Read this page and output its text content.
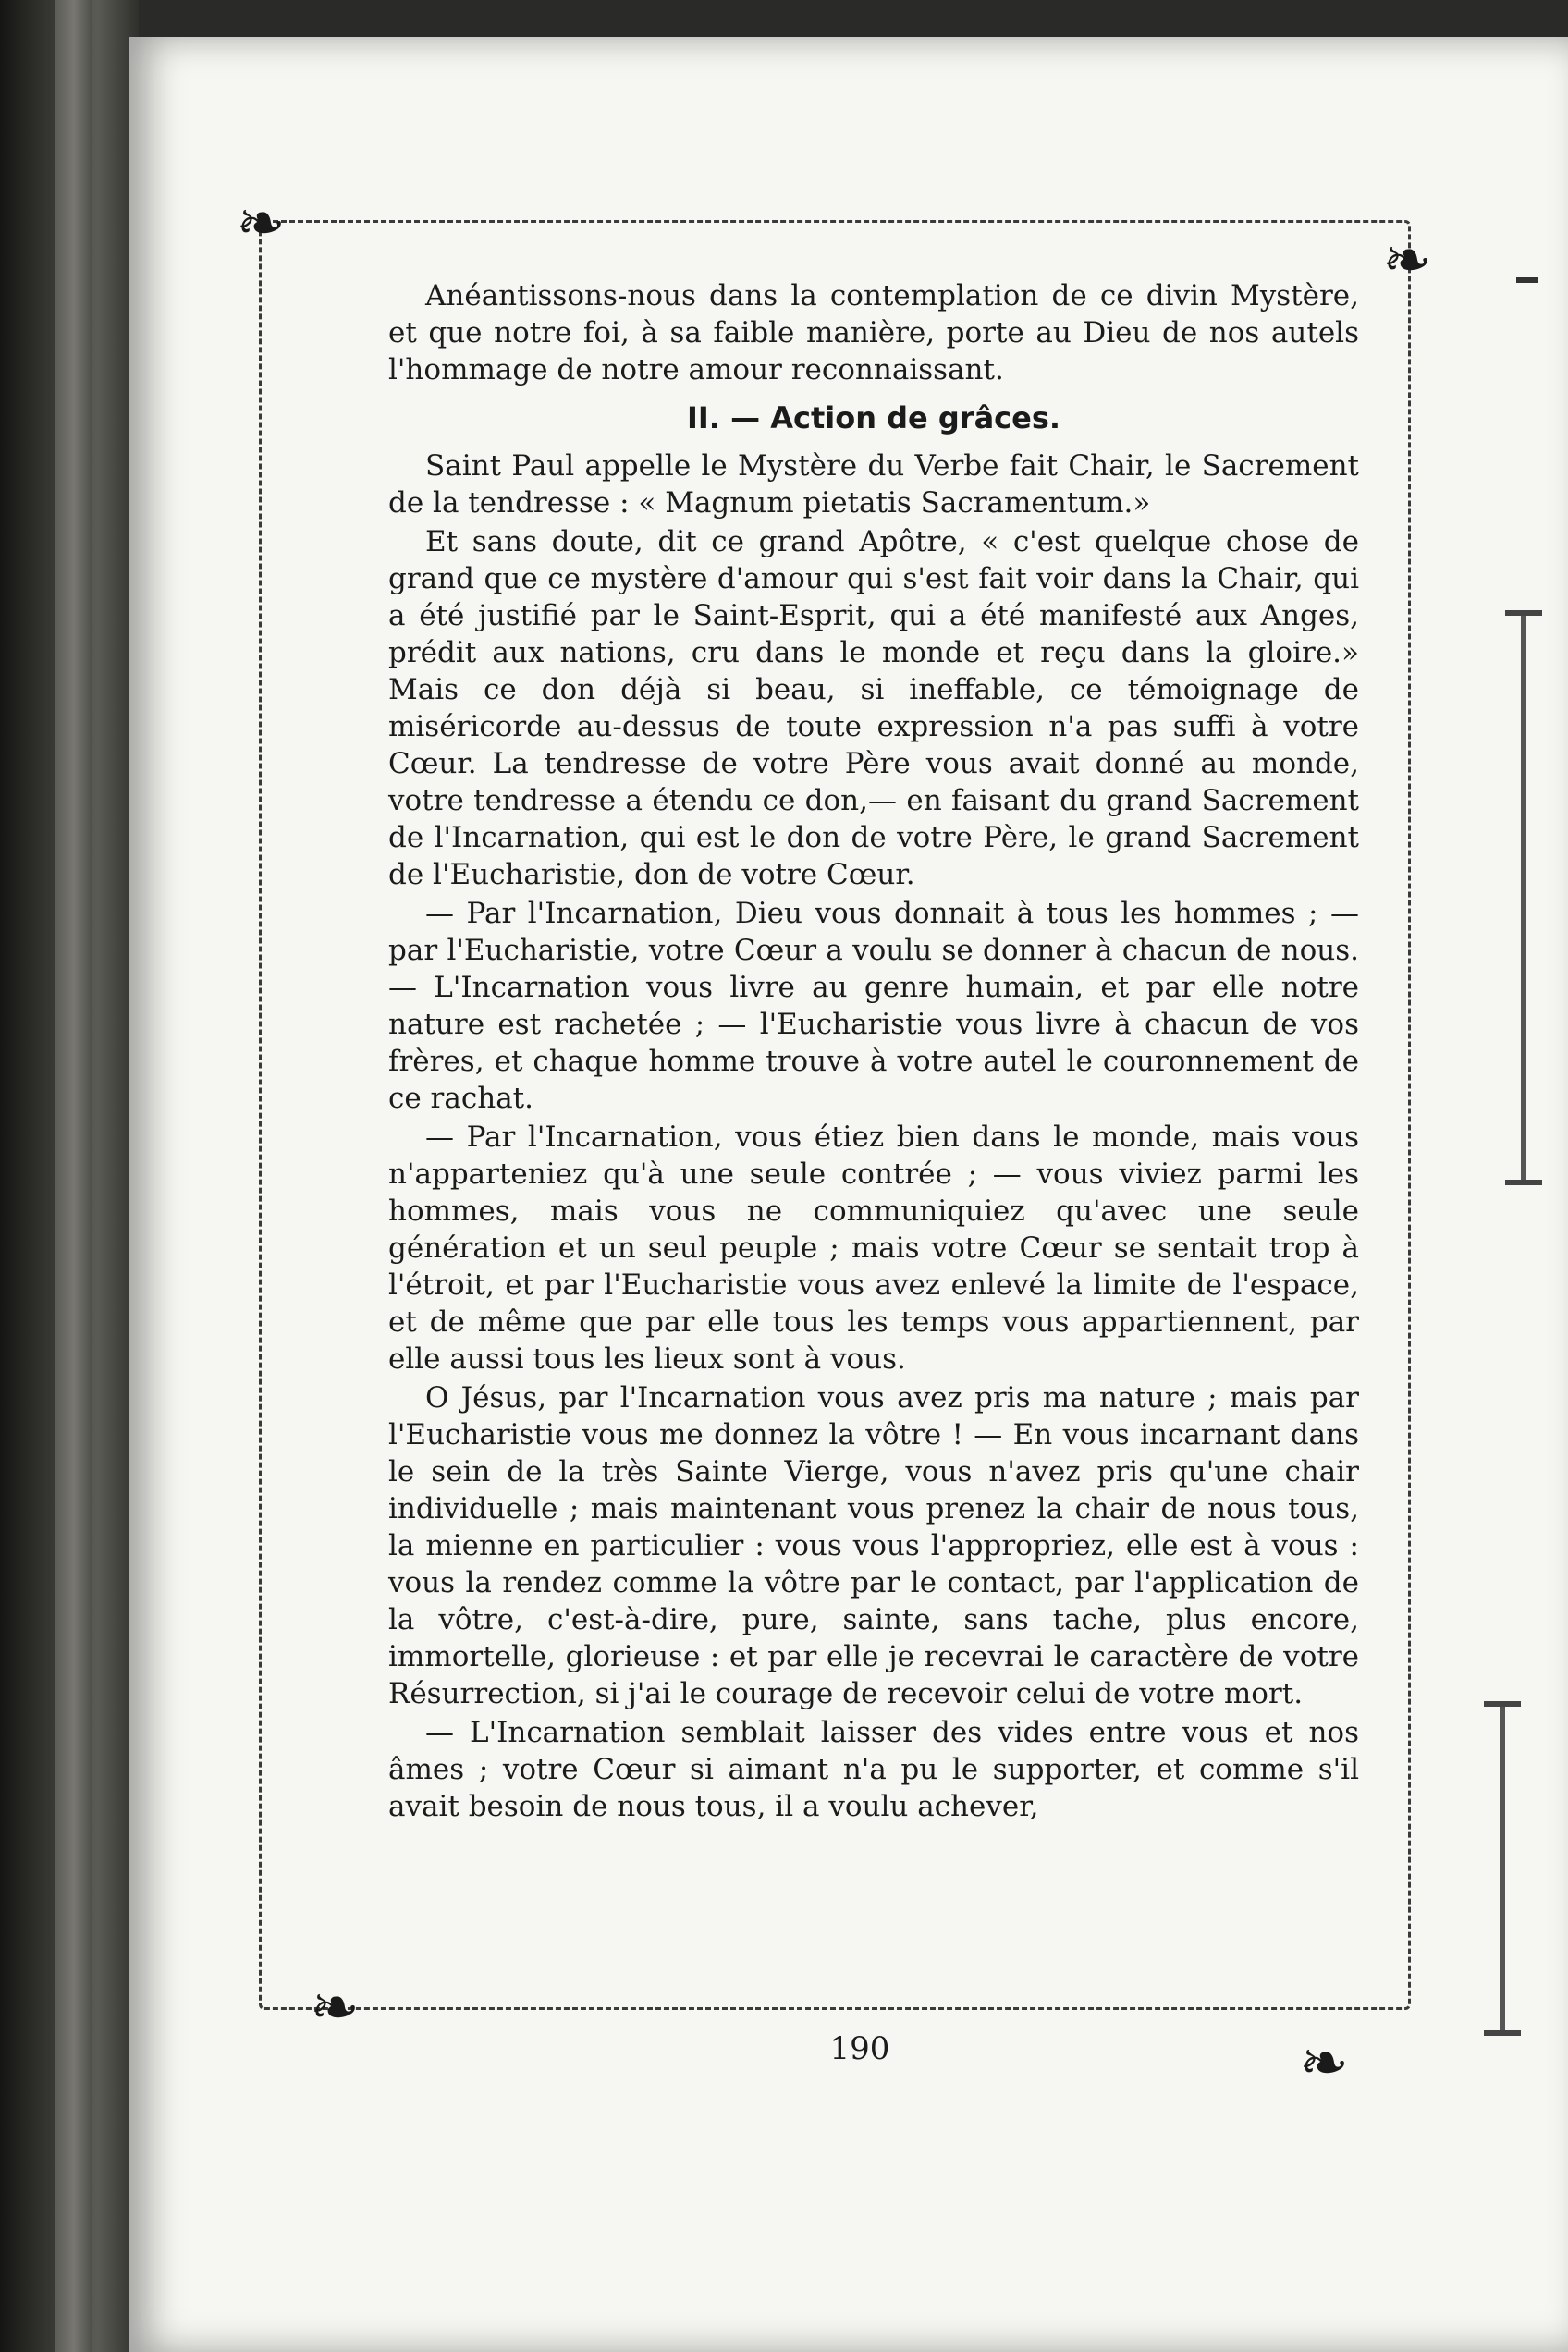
❧
❧
❧
❧

Anéantissons-nous dans la contemplation de ce divin Mystère, et que notre foi, à sa faible manière, porte au Dieu de nos autels l'hommage de notre amour reconnaissant.

II. — Action de grâces.

Saint Paul appelle le Mystère du Verbe fait Chair, le Sacrement de la tendresse : « Magnum pietatis Sacramentum.»

Et sans doute, dit ce grand Apôtre, « c'est quelque chose de grand que ce mystère d'amour qui s'est fait voir dans la Chair, qui a été justifié par le Saint-Esprit, qui a été manifesté aux Anges, prédit aux nations, cru dans le monde et reçu dans la gloire.» Mais ce don déjà si beau, si ineffable, ce témoignage de miséricorde au-dessus de toute expression n'a pas suffi à votre Cœur. La tendresse de votre Père vous avait donné au monde, votre tendresse a étendu ce don,— en faisant du grand Sacrement de l'Incarnation, qui est le don de votre Père, le grand Sacrement de l'Eucharistie, don de votre Cœur.

— Par l'Incarnation, Dieu vous donnait à tous les hommes ; — par l'Eucharistie, votre Cœur a voulu se donner à chacun de nous. — L'Incarnation vous livre au genre humain, et par elle notre nature est rachetée ; — l'Eucharistie vous livre à chacun de vos frères, et chaque homme trouve à votre autel le couronnement de ce rachat.

— Par l'Incarnation, vous étiez bien dans le monde, mais vous n'apparteniez qu'à une seule contrée ; — vous viviez parmi les hommes, mais vous ne communiquiez qu'avec une seule génération et un seul peuple ; mais votre Cœur se sentait trop à l'étroit, et par l'Eucharistie vous avez enlevé la limite de l'espace, et de même que par elle tous les temps vous appartiennent, par elle aussi tous les lieux sont à vous.

O Jésus, par l'Incarnation vous avez pris ma nature ; mais par l'Eucharistie vous me donnez la vôtre ! — En vous incarnant dans le sein de la très Sainte Vierge, vous n'avez pris qu'une chair individuelle ; mais maintenant vous prenez la chair de nous tous, la mienne en particulier : vous vous l'appropriez, elle est à vous : vous la rendez comme la vôtre par le contact, par l'application de la vôtre, c'est-à-dire, pure, sainte, sans tache, plus encore, immortelle, glorieuse : et par elle je recevrai le caractère de votre Résurrection, si j'ai le courage de recevoir celui de votre mort.

— L'Incarnation semblait laisser des vides entre vous et nos âmes ; votre Cœur si aimant n'a pu le supporter, et comme s'il avait besoin de nous tous, il a voulu achever,

190
